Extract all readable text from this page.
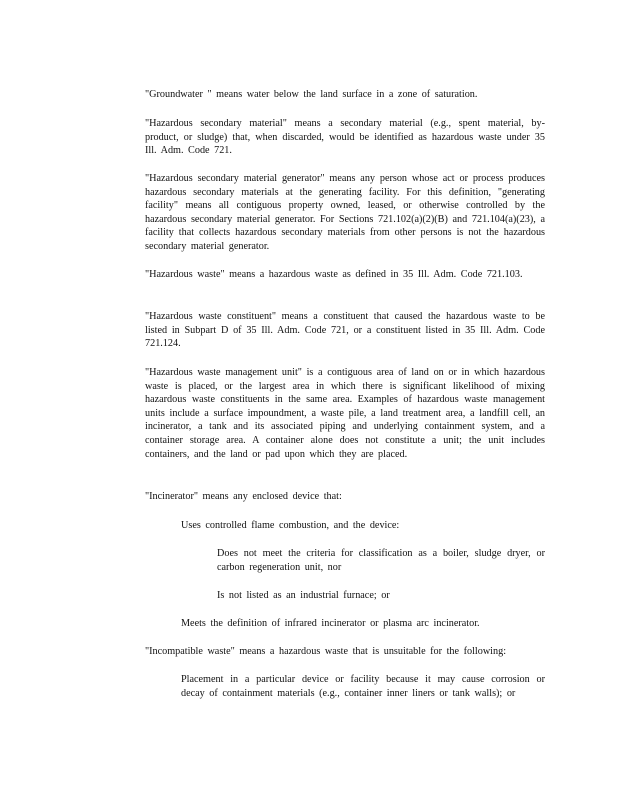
"Groundwater " means water below the land surface in a zone of saturation.
"Hazardous secondary material" means a secondary material (e.g., spent material, by-product, or sludge) that, when discarded, would be identified as hazardous waste under 35 Ill. Adm. Code 721.
"Hazardous secondary material generator" means any person whose act or process produces hazardous secondary materials at the generating facility. For this definition, "generating facility" means all contiguous property owned, leased, or otherwise controlled by the hazardous secondary material generator. For Sections 721.102(a)(2)(B) and 721.104(a)(23), a facility that collects hazardous secondary materials from other persons is not the hazardous secondary material generator.
"Hazardous waste" means a hazardous waste as defined in 35 Ill. Adm. Code 721.103.
"Hazardous waste constituent" means a constituent that caused the hazardous waste to be listed in Subpart D of 35 Ill. Adm. Code 721, or a constituent listed in 35 Ill. Adm. Code 721.124.
"Hazardous waste management unit" is a contiguous area of land on or in which hazardous waste is placed, or the largest area in which there is significant likelihood of mixing hazardous waste constituents in the same area. Examples of hazardous waste management units include a surface impoundment, a waste pile, a land treatment area, a landfill cell, an incinerator, a tank and its associated piping and underlying containment system, and a container storage area. A container alone does not constitute a unit; the unit includes containers, and the land or pad upon which they are placed.
"Incinerator" means any enclosed device that:
Uses controlled flame combustion, and the device:
Does not meet the criteria for classification as a boiler, sludge dryer, or carbon regeneration unit, nor
Is not listed as an industrial furnace; or
Meets the definition of infrared incinerator or plasma arc incinerator.
"Incompatible waste" means a hazardous waste that is unsuitable for the following:
Placement in a particular device or facility because it may cause corrosion or decay of containment materials (e.g., container inner liners or tank walls); or
